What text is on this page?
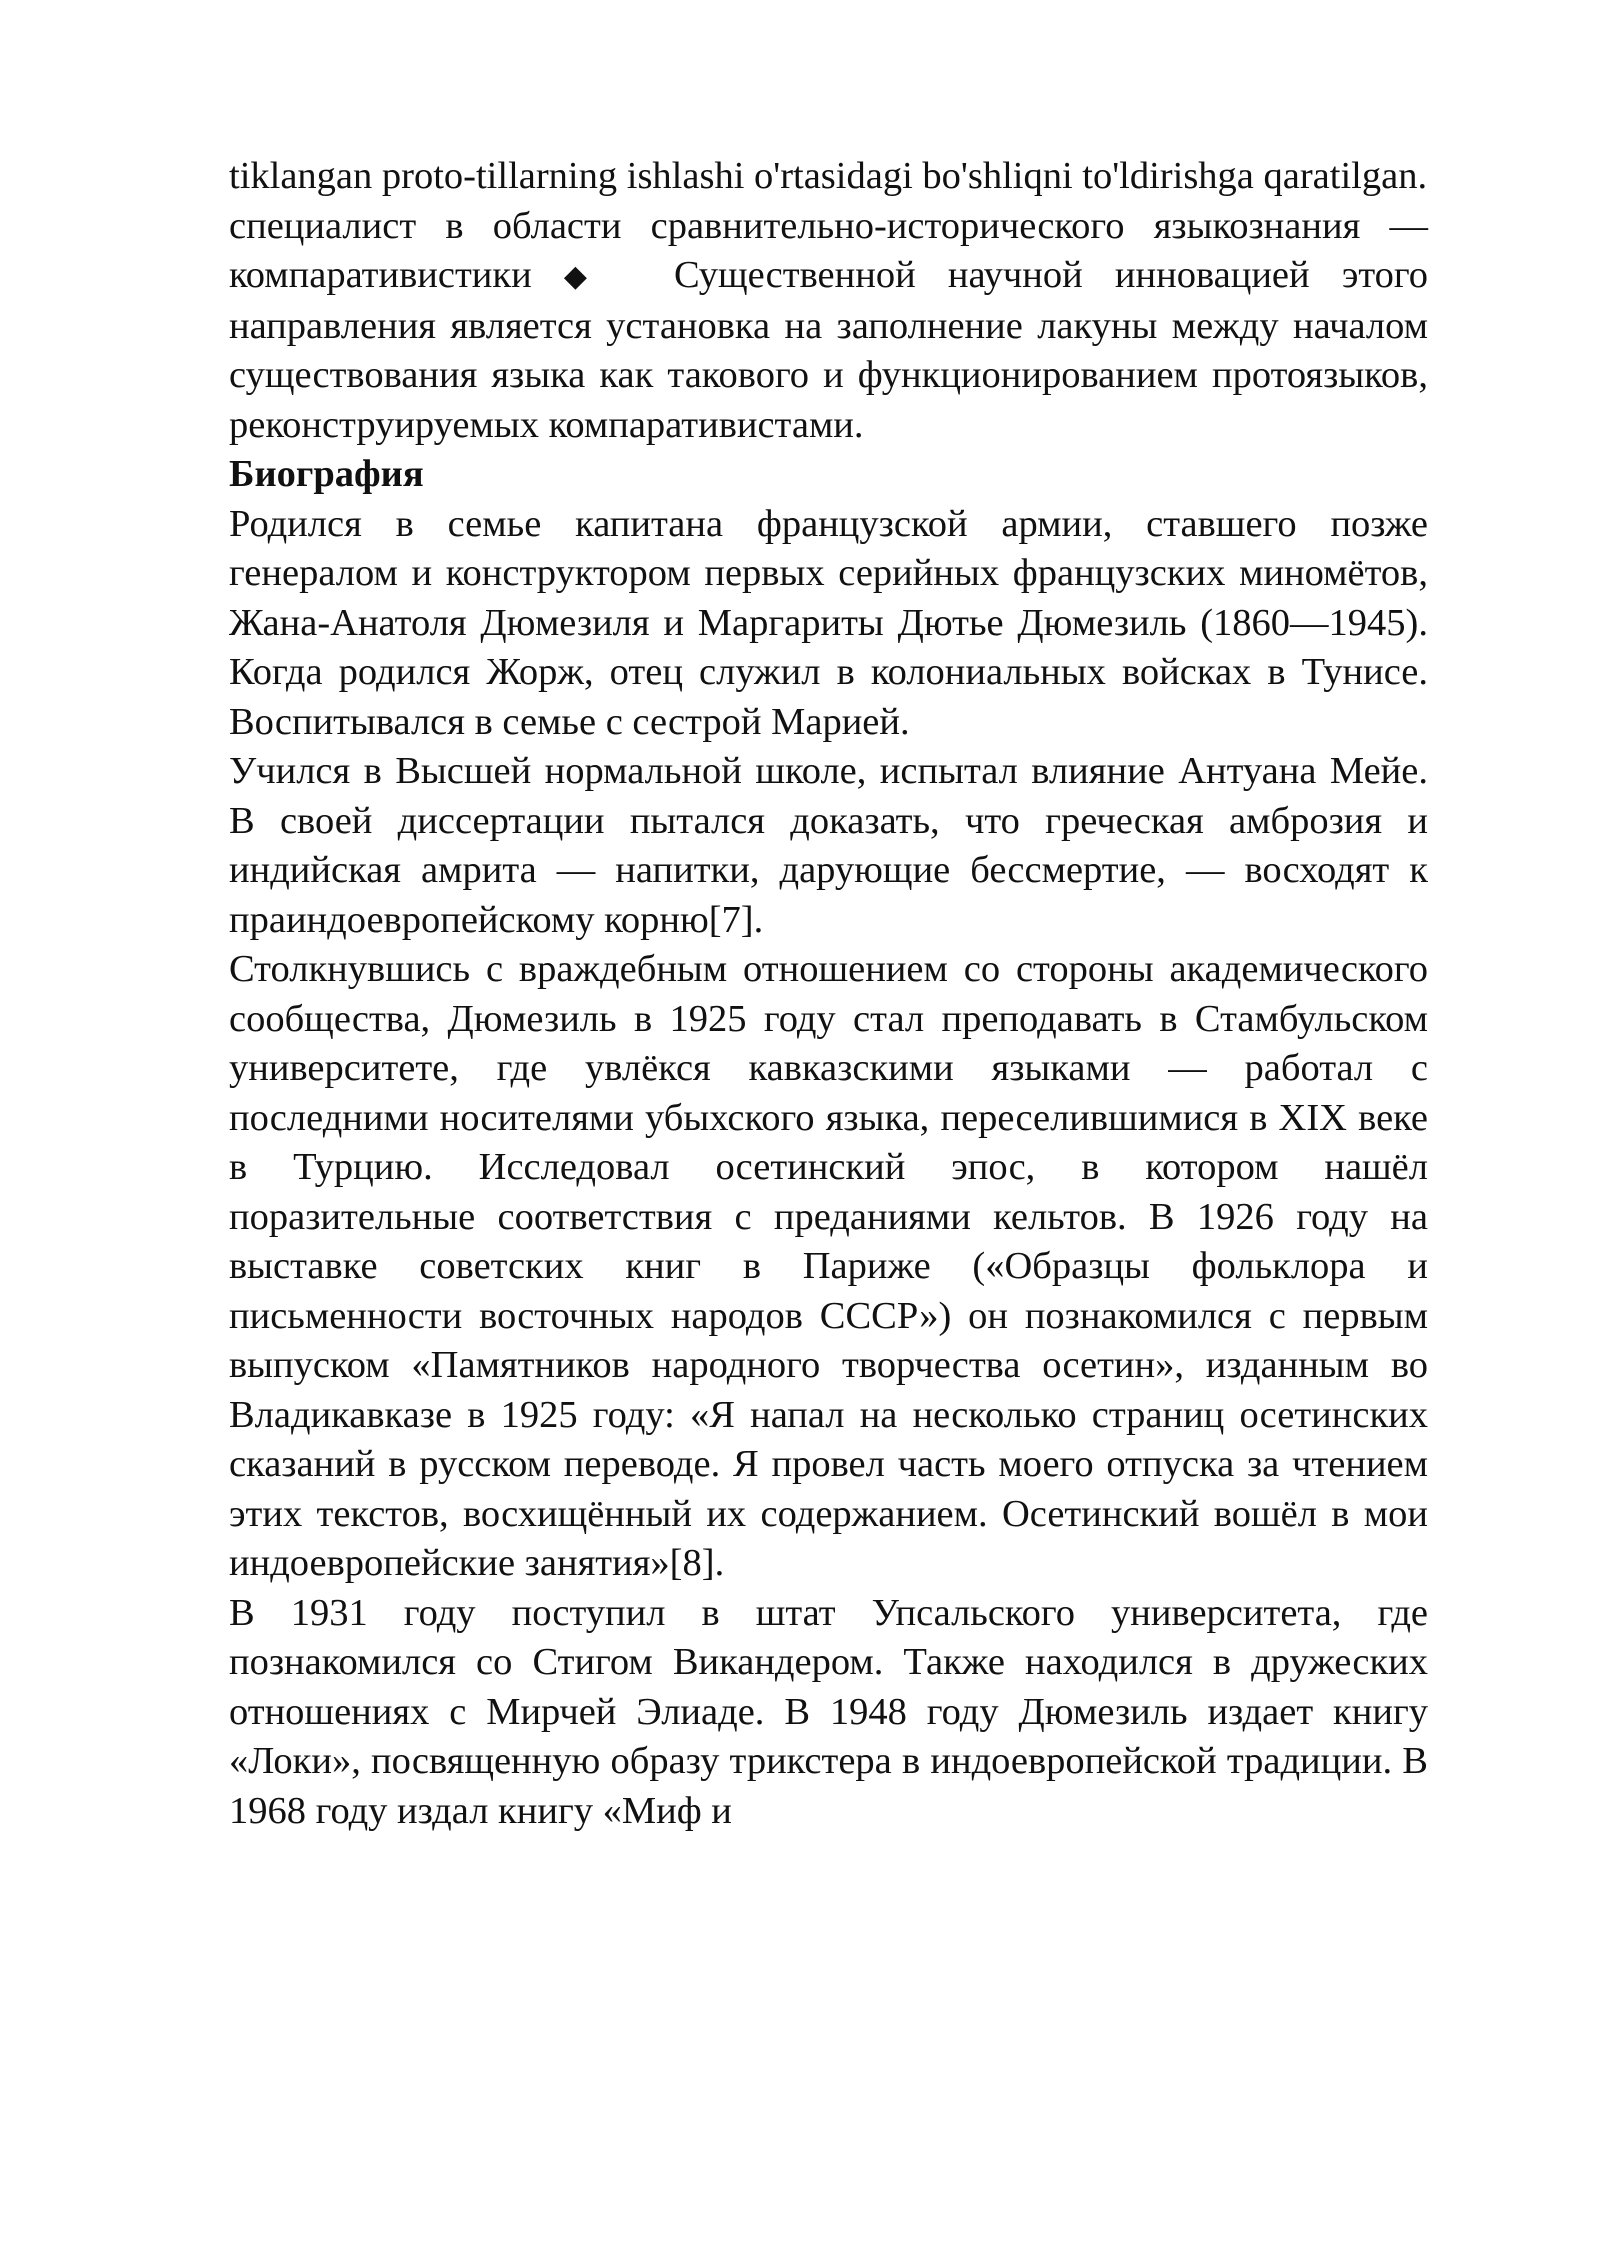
tiklangan proto-tillarning ishlashi o'rtasidagi bo'shliqni to'ldirishga qaratilgan.

специалист в области сравнительно-исторического языкознания — компаративистики ◆ Существенной научной инновацией этого направления является установка на заполнение лакуны между началом существования языка как такового и функционированием протоязыков, реконструируемых компаративистами.

Биография

Родился в семье капитана французской армии, ставшего позже генералом и конструктором первых серийных французских миномётов, Жана-Анатоля Дюмезиля и Маргариты Дютье Дюмезиль (1860—1945). Когда родился Жорж, отец служил в колониальных войсках в Тунисе. Воспитывался в семье с сестрой Марией.

Учился в Высшей нормальной школе, испытал влияние Антуана Мейе. В своей диссертации пытался доказать, что греческая амброзия и индийская амрита — напитки, дарующие бессмертие, — восходят к праиндоевропейскому корню[7].

Столкнувшись с враждебным отношением со стороны академического сообщества, Дюмезиль в 1925 году стал преподавать в Стамбульском университете, где увлёкся кавказскими языками — работал с последними носителями убыхского языка, переселившимися в XIX веке в Турцию. Исследовал осетинский эпос, в котором нашёл поразительные соответствия с преданиями кельтов. В 1926 году на выставке советских книг в Париже («Образцы фольклора и письменности восточных народов СССР») он познакомился с первым выпуском «Памятников народного творчества осетин», изданным во Владикавказе в 1925 году: «Я напал на несколько страниц осетинских сказаний в русском переводе. Я провел часть моего отпуска за чтением этих текстов, восхищённый их содержанием. Осетинский вошёл в мои индоевропейские занятия»[8].

В 1931 году поступил в штат Упсальского университета, где познакомился со Стигом Викандером. Также находился в дружеских отношениях с Мирчей Элиаде. В 1948 году Дюмезиль издает книгу «Локи», посвященную образу трикстера в индоевропейской традиции. В 1968 году издал книгу «Миф и
